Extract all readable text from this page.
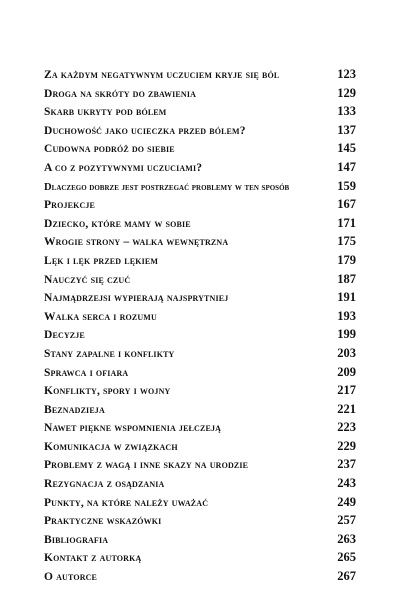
Za każdym negatywnym uczuciem kryje się ból	123
Droga na skróty do zbawienia	129
Skarb ukryty pod bólem	133
Duchowość jako ucieczka przed bólem?	137
Cudowna podróż do siebie	145
A co z pozytywnymi uczuciami?	147
Dlaczego dobrze jest postrzegać problemy w ten sposób	159
Projekcje	167
Dziecko, które mamy w sobie	171
Wrogie strony – walka wewnętrzna	175
Lęk i lęk przed lękiem	179
Nauczyć się czuć	187
Najmądrzejsi wypierają najsprytniej	191
Walka serca i rozumu	193
Decyzje	199
Stany zapalne i konflikty	203
Sprawca i ofiara	209
Konflikty, spory i wojny	217
Beznadzieja	221
Nawet piękne wspomnienia jełczeją	223
Komunikacja w związkach	229
Problemy z wagą i inne skazy na urodzie	237
Rezygnacja z osądzania	243
Punkty, na które należy uważać	249
Praktyczne wskazówki	257
Bibliografia	263
Kontakt z autorką	265
O autorce	267
